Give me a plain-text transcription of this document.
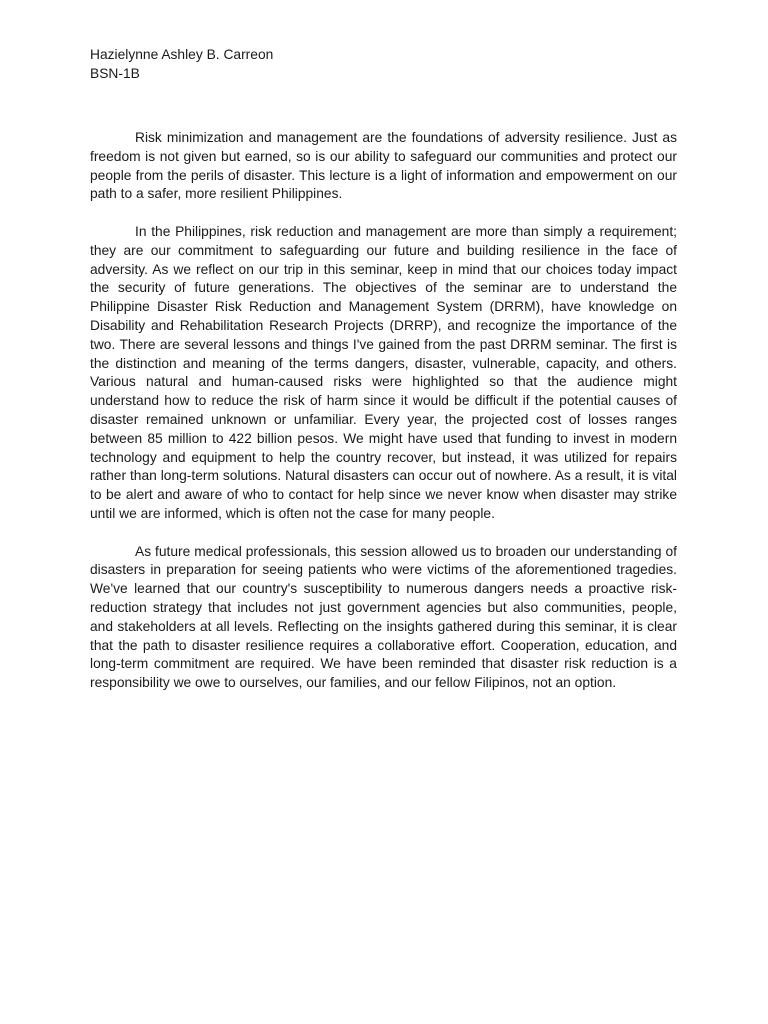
Hazielynne Ashley B. Carreon
BSN-1B

Risk minimization and management are the foundations of adversity resilience. Just as freedom is not given but earned, so is our ability to safeguard our communities and protect our people from the perils of disaster. This lecture is a light of information and empowerment on our path to a safer, more resilient Philippines.

In the Philippines, risk reduction and management are more than simply a requirement; they are our commitment to safeguarding our future and building resilience in the face of adversity. As we reflect on our trip in this seminar, keep in mind that our choices today impact the security of future generations. The objectives of the seminar are to understand the Philippine Disaster Risk Reduction and Management System (DRRM), have knowledge on Disability and Rehabilitation Research Projects (DRRP), and recognize the importance of the two. There are several lessons and things I've gained from the past DRRM seminar. The first is the distinction and meaning of the terms dangers, disaster, vulnerable, capacity, and others. Various natural and human-caused risks were highlighted so that the audience might understand how to reduce the risk of harm since it would be difficult if the potential causes of disaster remained unknown or unfamiliar. Every year, the projected cost of losses ranges between 85 million to 422 billion pesos. We might have used that funding to invest in modern technology and equipment to help the country recover, but instead, it was utilized for repairs rather than long-term solutions. Natural disasters can occur out of nowhere. As a result, it is vital to be alert and aware of who to contact for help since we never know when disaster may strike until we are informed, which is often not the case for many people.

As future medical professionals, this session allowed us to broaden our understanding of disasters in preparation for seeing patients who were victims of the aforementioned tragedies. We've learned that our country's susceptibility to numerous dangers needs a proactive risk-reduction strategy that includes not just government agencies but also communities, people, and stakeholders at all levels. Reflecting on the insights gathered during this seminar, it is clear that the path to disaster resilience requires a collaborative effort. Cooperation, education, and long-term commitment are required. We have been reminded that disaster risk reduction is a responsibility we owe to ourselves, our families, and our fellow Filipinos, not an option.
